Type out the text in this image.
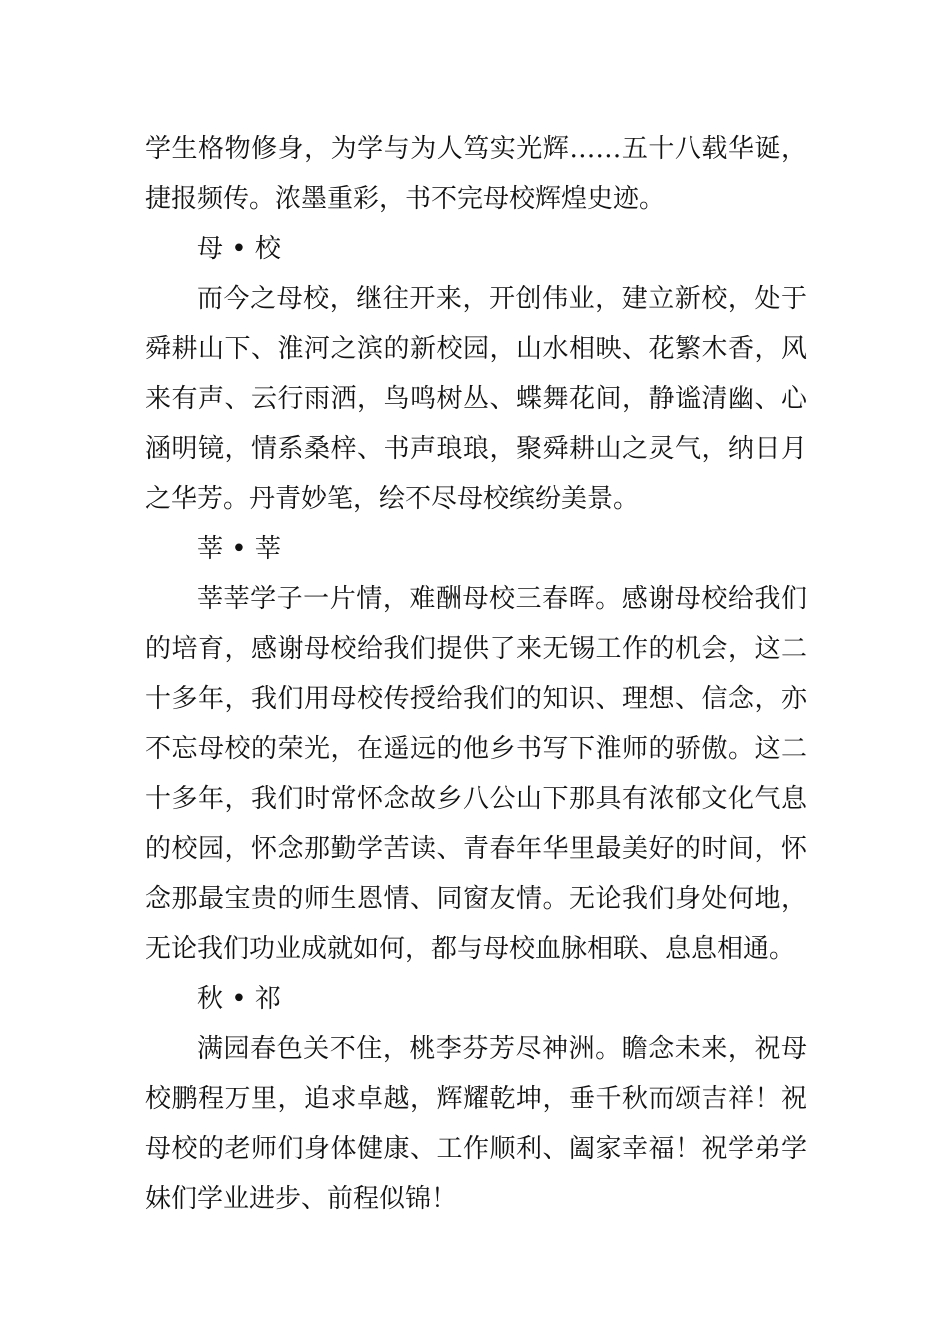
学生格物修身，为学与为人笃实光辉……五十八载华诞，捷报频传。浓墨重彩，书不完母校辉煌史迹。

母 • 校

而今之母校，继往开来，开创伟业，建立新校，处于舜耕山下、淮河之滨的新校园，山水相映、花繁木香，风来有声、云行雨洒，鸟鸣树丛、蝶舞花间，静谧清幽、心涵明镜，情系桑梓、书声琅琅，聚舜耕山之灵气，纳日月之华芳。丹青妙笔，绘不尽母校缤纷美景。

莘 • 莘

莘莘学子一片情，难酬母校三春晖。感谢母校给我们的培育，感谢母校给我们提供了来无锡工作的机会，这二十多年，我们用母校传授给我们的知识、理想、信念，亦不忘母校的荣光，在遥远的他乡书写下淮师的骄傲。这二十多年，我们时常怀念故乡八公山下那具有浓郁文化气息的校园，怀念那勤学苦读、青春年华里最美好的时间，怀念那最宝贵的师生恩情、同窗友情。无论我们身处何地，无论我们功业成就如何，都与母校血脉相联、息息相通。

秋 • 祁

满园春色关不住，桃李芬芳尽神洲。瞻念未来，祝母校鹏程万里，追求卓越，辉耀乾坤，垂千秋而颂吉祥！祝母校的老师们身体健康、工作顺利、阖家幸福！祝学弟学妹们学业进步、前程似锦！
